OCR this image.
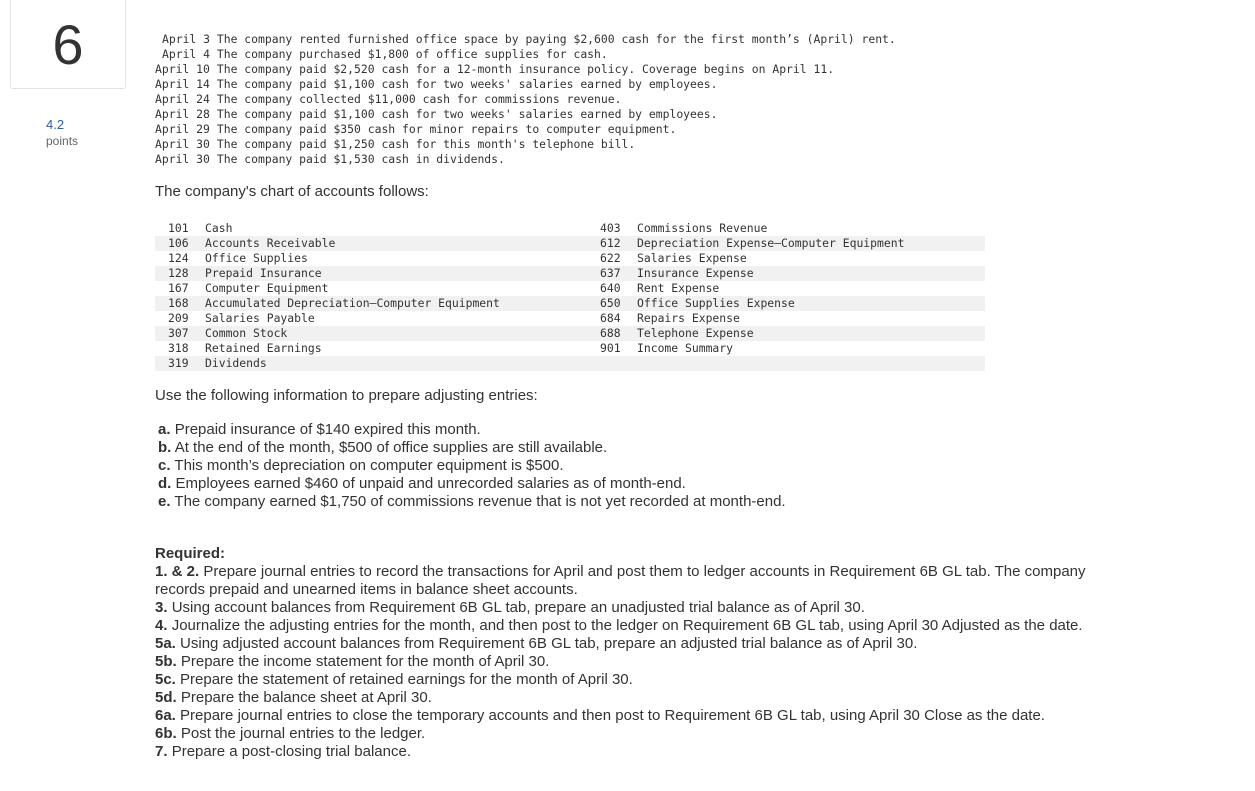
6
4.2
points
April 3 The company rented furnished office space by paying $2,600 cash for the first month’s (April) rent.
April 4 The company purchased $1,800 of office supplies for cash.
April 10 The company paid $2,520 cash for a 12-month insurance policy. Coverage begins on April 11.
April 14 The company paid $1,100 cash for two weeks' salaries earned by employees.
April 24 The company collected $11,000 cash for commissions revenue.
April 28 The company paid $1,100 cash for two weeks' salaries earned by employees.
April 29 The company paid $350 cash for minor repairs to computer equipment.
April 30 The company paid $1,250 cash for this month's telephone bill.
April 30 The company paid $1,530 cash in dividends.
The company's chart of accounts follows:
101	Cash	403	Commissions Revenue
106	Accounts Receivable	612	Depreciation Expense—Computer Equipment
124	Office Supplies	622	Salaries Expense
128	Prepaid Insurance	637	Insurance Expense
167	Computer Equipment	640	Rent Expense
168	Accumulated Depreciation—Computer Equipment	650	Office Supplies Expense
209	Salaries Payable	684	Repairs Expense
307	Common Stock	688	Telephone Expense
318	Retained Earnings	901	Income Summary
319	Dividends
Use the following information to prepare adjusting entries:
a. Prepaid insurance of $140 expired this month.
b. At the end of the month, $500 of office supplies are still available.
c. This month’s depreciation on computer equipment is $500.
d. Employees earned $460 of unpaid and unrecorded salaries as of month-end.
e. The company earned $1,750 of commissions revenue that is not yet recorded at month-end.
Required:
1. & 2. Prepare journal entries to record the transactions for April and post them to ledger accounts in Requirement 6B GL tab. The company records prepaid and unearned items in balance sheet accounts.
3. Using account balances from Requirement 6B GL tab, prepare an unadjusted trial balance as of April 30.
4. Journalize the adjusting entries for the month, and then post to the ledger on Requirement 6B GL tab, using April 30 Adjusted as the date.
5a. Using adjusted account balances from Requirement 6B GL tab, prepare an adjusted trial balance as of April 30.
5b. Prepare the income statement for the month of April 30.
5c. Prepare the statement of retained earnings for the month of April 30.
5d. Prepare the balance sheet at April 30.
6a. Prepare journal entries to close the temporary accounts and then post to Requirement 6B GL tab, using April 30 Close as the date.
6b. Post the journal entries to the ledger.
7. Prepare a post-closing trial balance.
